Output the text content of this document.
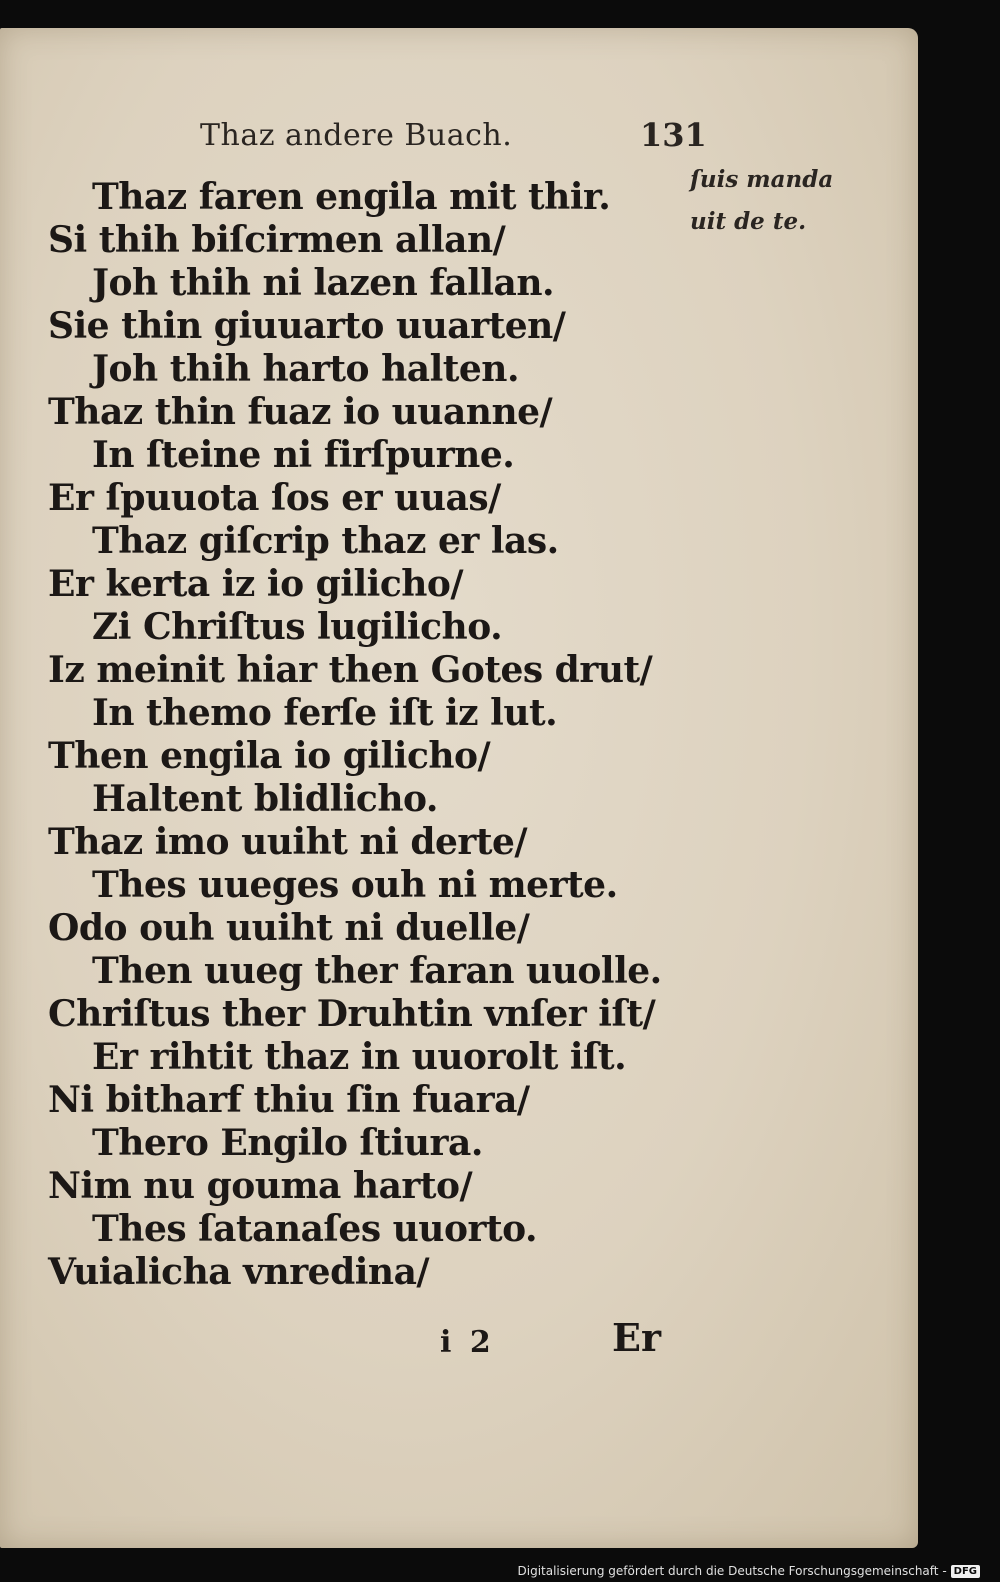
Thaz andere Buach.	131
ſuis manda
uit de te.
Thaz faren engila mit thir.
Si thih biſcirmen allan/
Joh thih ni lazen fallan.
Sie thin giuuarto uuarten/
Joh thih harto halten.
Thaz thin fuaz io uuanne/
In ſteine ni firſpurne.
Er ſpuuota ſos er uuas/
Thaz giſcrip thaz er las.
Er kerta iz io gilicho/
Zi Chriſtus lugilicho.
Iz meinit hiar then Gotes drut/
In themo ferſe iſt iz lut.
Then engila io gilicho/
Haltent blidlicho.
Thaz imo uuiht ni derte/
Thes uueges ouh ni merte.
Odo ouh uuiht ni duelle/
Then uueg ther faran uuolle.
Chriſtus ther Druhtin vnſer iſt/
Er rihtit thaz in uuorolt iſt.
Ni bitharf thiu ſin fuara/
Thero Engilo ſtiura.
Nim nu gouma harto/
Thes ſatanaſes uuorto.
Vuialicha vnredina/
i 2	Er
Digitalisierung gefördert durch die Deutsche Forschungsgemeinschaft - DFG
